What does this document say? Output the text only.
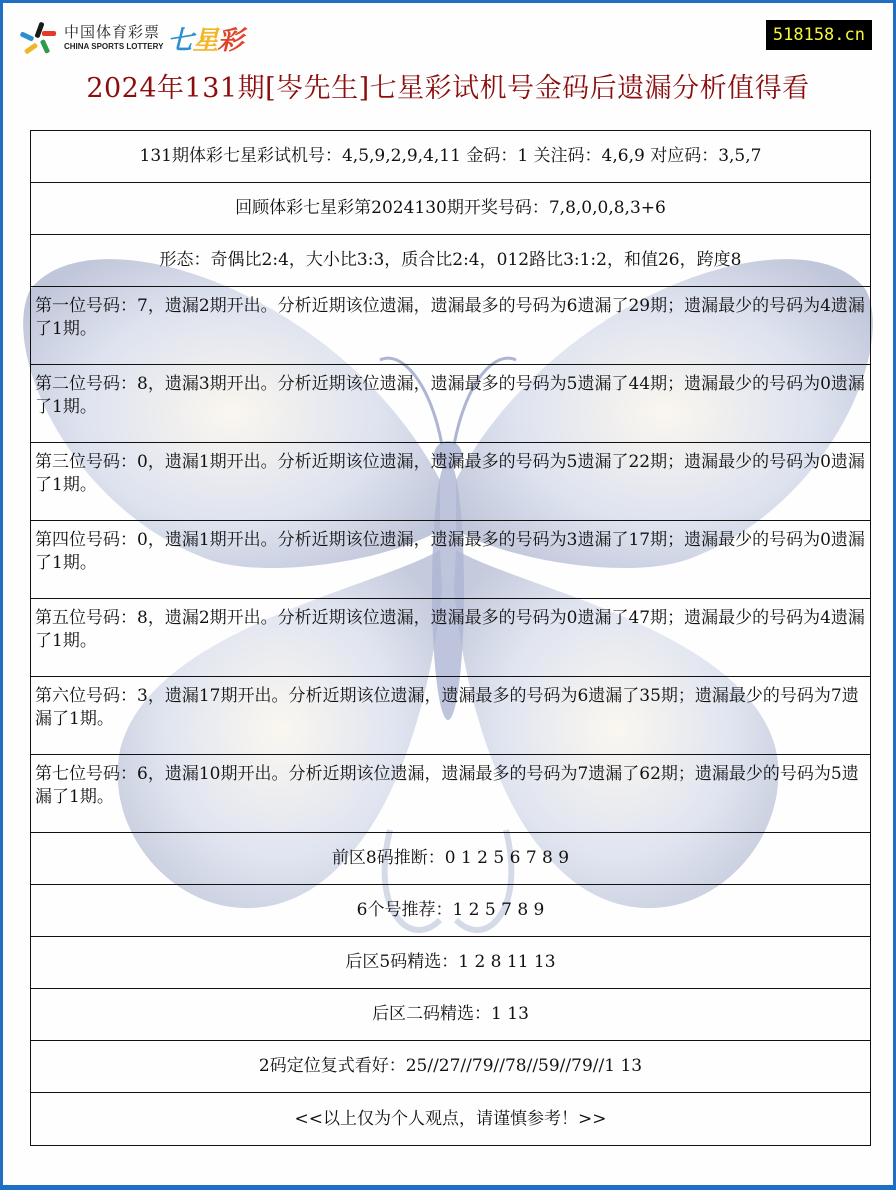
中国体育彩票
CHINA SPORTS LOTTERY 七星彩	518158.cn
2024年131期[岑先生]七星彩试机号金码后遗漏分析值得看
131期体彩七星彩试机号：4,5,9,2,9,4,11 金码：1 关注码：4,6,9 对应码：3,5,7
回顾体彩七星彩第2024130期开奖号码：7,8,0,0,8,3+6
形态：奇偶比2:4，大小比3:3，质合比2:4，012路比3:1:2，和值26，跨度8
第一位号码：7，遗漏2期开出。分析近期该位遗漏，遗漏最多的号码为6遗漏了29期；遗漏最少的号码为4遗漏了1期。
第二位号码：8，遗漏3期开出。分析近期该位遗漏，遗漏最多的号码为5遗漏了44期；遗漏最少的号码为0遗漏了1期。
第三位号码：0，遗漏1期开出。分析近期该位遗漏，遗漏最多的号码为5遗漏了22期；遗漏最少的号码为0遗漏了1期。
第四位号码：0，遗漏1期开出。分析近期该位遗漏，遗漏最多的号码为3遗漏了17期；遗漏最少的号码为0遗漏了1期。
第五位号码：8，遗漏2期开出。分析近期该位遗漏，遗漏最多的号码为0遗漏了47期；遗漏最少的号码为4遗漏了1期。
第六位号码：3，遗漏17期开出。分析近期该位遗漏，遗漏最多的号码为6遗漏了35期；遗漏最少的号码为7遗漏了1期。
第七位号码：6，遗漏10期开出。分析近期该位遗漏，遗漏最多的号码为7遗漏了62期；遗漏最少的号码为5遗漏了1期。
前区8码推断：0 1 2 5 6 7 8 9
6个号推荐：1 2 5 7 8 9
后区5码精选：1 2 8 11 13
后区二码精选：1 13
2码定位复式看好：25//27//79//78//59//79//1 13
<<以上仅为个人观点，请谨慎参考！>>
